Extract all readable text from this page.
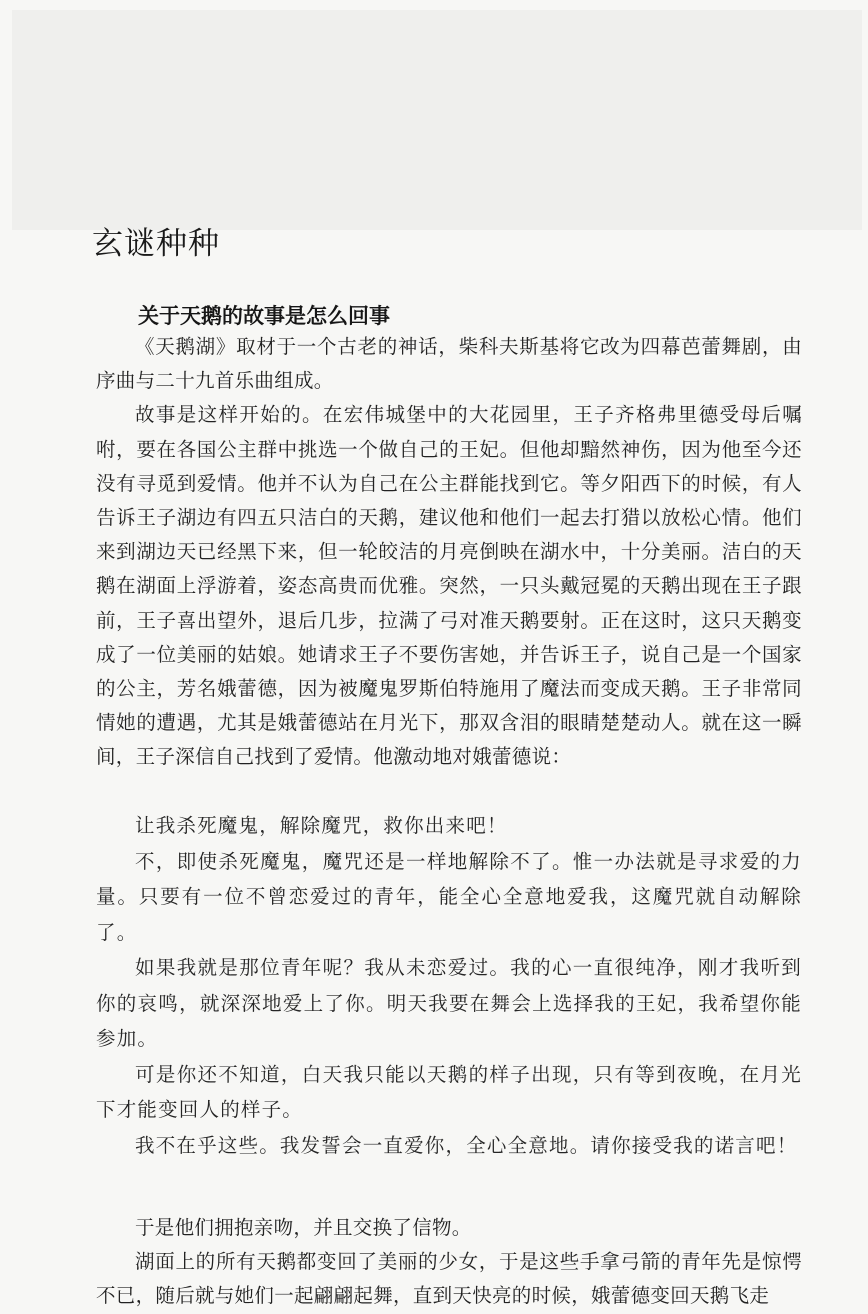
玄谜种种
关于天鹅的故事是怎么回事

《天鹅湖》取材于一个古老的神话，柴科夫斯基将它改为四幕芭蕾舞剧，由序曲与二十九首乐曲组成。

故事是这样开始的。在宏伟城堡中的大花园里，王子齐格弗里德受母后嘱咐，要在各国公主群中挑选一个做自己的王妃。但他却黯然神伤，因为他至今还没有寻觅到爱情。他并不认为自己在公主群能找到它。等夕阳西下的时候，有人告诉王子湖边有四五只洁白的天鹅，建议他和他们一起去打猎以放松心情。他们来到湖边天已经黑下来，但一轮皎洁的月亮倒映在湖水中，十分美丽。洁白的天鹅在湖面上浮游着，姿态高贵而优雅。突然，一只头戴冠冕的天鹅出现在王子跟前，王子喜出望外，退后几步，拉满了弓对准天鹅要射。正在这时，这只天鹅变成了一位美丽的姑娘。她请求王子不要伤害她，并告诉王子，说自己是一个国家的公主，芳名娥蕾德，因为被魔鬼罗斯伯特施用了魔法而变成天鹅。王子非常同情她的遭遇，尤其是娥蕾德站在月光下，那双含泪的眼睛楚楚动人。就在这一瞬间，王子深信自己找到了爱情。他激动地对娥蕾德说：

让我杀死魔鬼，解除魔咒，救你出来吧！

不，即使杀死魔鬼，魔咒还是一样地解除不了。惟一办法就是寻求爱的力量。只要有一位不曾恋爱过的青年，能全心全意地爱我，这魔咒就自动解除了。

如果我就是那位青年呢？我从未恋爱过。我的心一直很纯净，刚才我听到你的哀鸣，就深深地爱上了你。明天我要在舞会上选择我的王妃，我希望你能参加。

可是你还不知道，白天我只能以天鹅的样子出现，只有等到夜晚，在月光下才能变回人的样子。

我不在乎这些。我发誓会一直爱你，全心全意地。请你接受我的诺言吧！

于是他们拥抱亲吻，并且交换了信物。

湖面上的所有天鹅都变回了美丽的少女，于是这些手拿弓箭的青年先是惊愕不已，随后就与她们一起翩翩起舞，直到天快亮的时候，娥蕾德变回天鹅飞走
